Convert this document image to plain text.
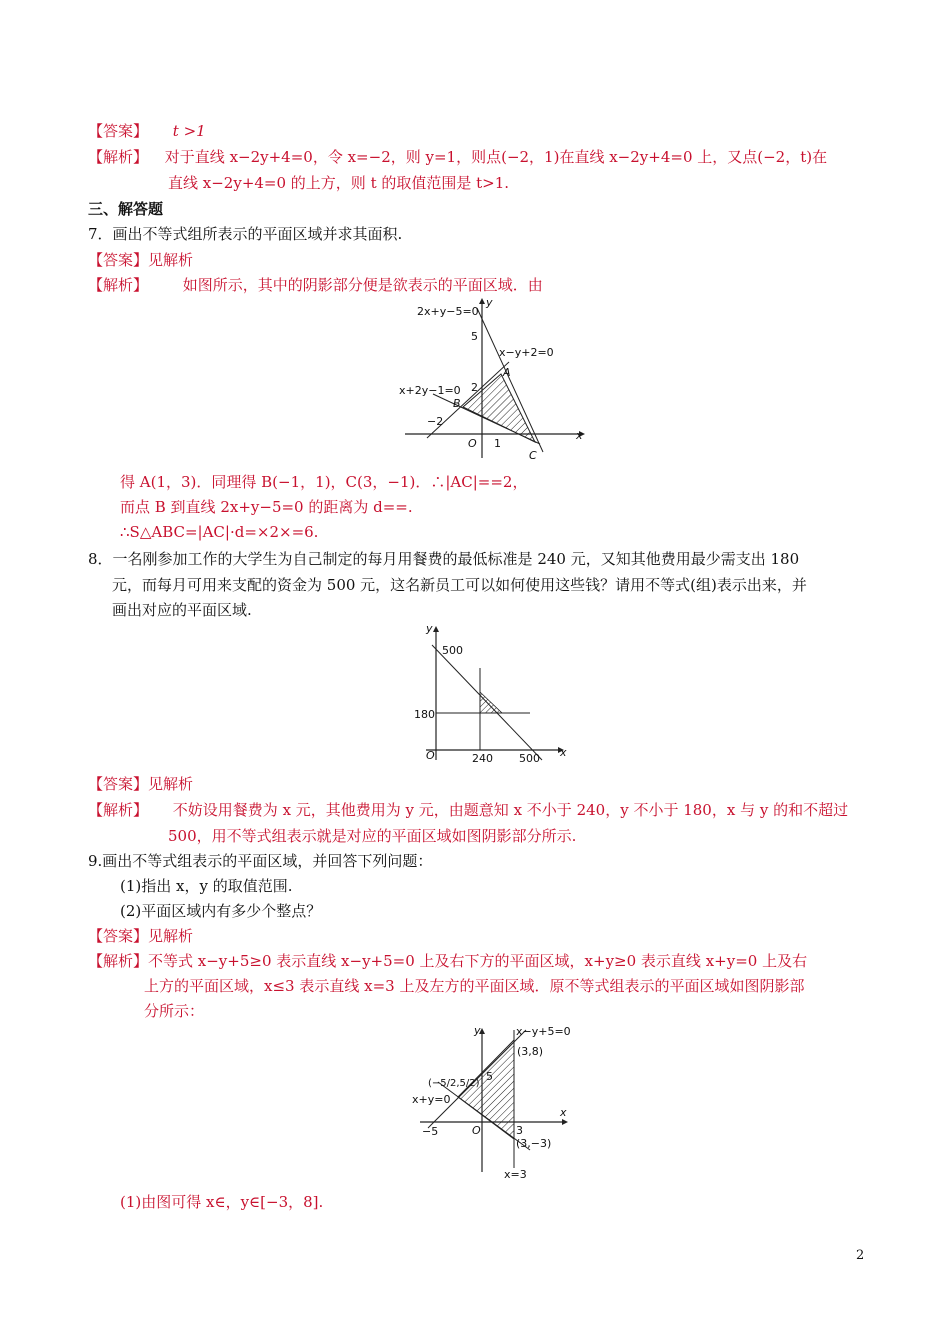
【答案】 t >1
【解析】 对于直线 x−2y+4=0，令 x=−2，则 y=1，则点(−2，1)在直线 x−2y+4=0 上，又点(−2，t)在
直线 x−2y+4=0 的上方，则 t 的取值范围是 t>1.
三、解答题
7．画出不等式组所表示的平面区域并求其面积.
【答案】见解析
【解析】 如图所示，其中的阴影部分便是欲表示的平面区域．由
2x+y−5=0
x−y+2=0
x+2y−1=0
y
x
O
5
2
−2
1
A
B
C
得 A(1，3)．同理得 B(−1，1)，C(3，−1)．∴|AC|==2，
而点 B 到直线 2x+y−5=0 的距离为 d==.
∴S△ABC=|AC|·d=×2×=6.
8．一名刚参加工作的大学生为自己制定的每月用餐费的最低标准是 240 元，又知其他费用最少需支出 180
元，而每月可用来支配的资金为 500 元，这名新员工可以如何使用这些钱？请用不等式(组)表示出来，并
画出对应的平面区域.
y
x
O
500
180
240 500
【答案】见解析
【解析】 不妨设用餐费为 x 元，其他费用为 y 元，由题意知 x 不小于 240，y 不小于 180，x 与 y 的和不超过
500，用不等式组表示就是对应的平面区域如图阴影部分所示.
9.画出不等式组表示的平面区域，并回答下列问题：
(1)指出 x，y 的取值范围.
(2)平面区域内有多少个整点？
【答案】见解析
【解析】不等式 x−y+5≥0 表示直线 x−y+5=0 上及右下方的平面区域，x+y≥0 表示直线 x+y=0 上及右
上方的平面区域，x≤3 表示直线 x=3 上及左方的平面区域．原不等式组表示的平面区域如图阴影部
分所示：
x−y+5=0
x+y=0
x=3
(3,8)
(−5/2,5/2)
(3,−3)
5
−5	3
O
y
x
(1)由图可得 x∈，y∈[−3，8].
2
